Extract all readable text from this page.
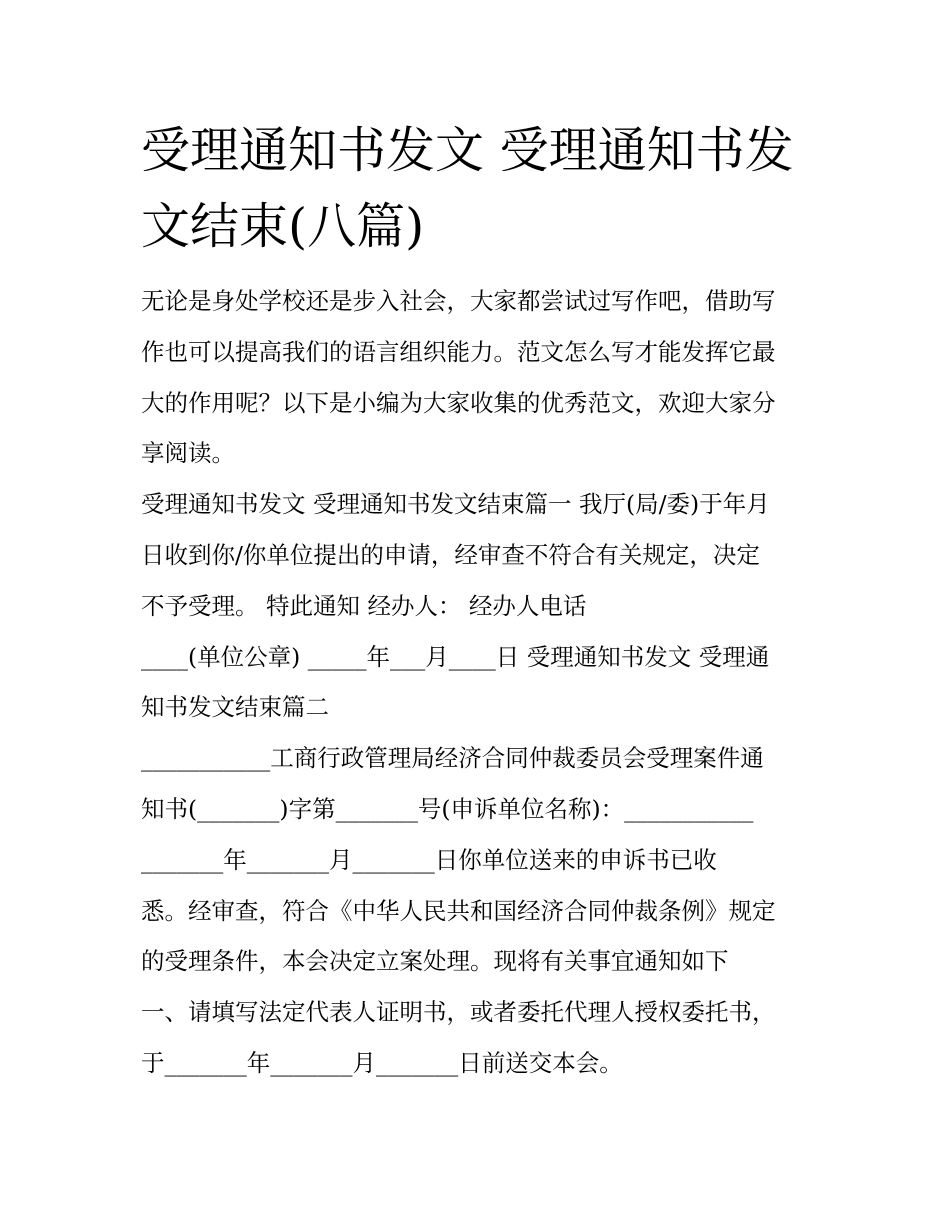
受理通知书发文 受理通知书发
文结束(八篇)
无论是身处学校还是步入社会，大家都尝试过写作吧，借助写
作也可以提高我们的语言组织能力。范文怎么写才能发挥它最
大的作用呢？以下是小编为大家收集的优秀范文，欢迎大家分
享阅读。
受理通知书发文 受理通知书发文结束篇一 我厅(局/委)于年月
日收到你/你单位提出的申请，经审查不符合有关规定，决定
不予受理。 特此通知 经办人： 经办人电话
____(单位公章) _____年___月____日 受理通知书发文 受理通
知书发文结束篇二
___________工商行政管理局经济合同仲裁委员会受理案件通
知书(_______)字第_______号(申诉单位名称)：___________
_______年_______月_______日你单位送来的申诉书已收
悉。经审查，符合《中华人民共和国经济合同仲裁条例》规定
的受理条件，本会决定立案处理。现将有关事宜通知如下
一、请填写法定代表人证明书，或者委托代理人授权委托书，
于_______年_______月_______日前送交本会。
